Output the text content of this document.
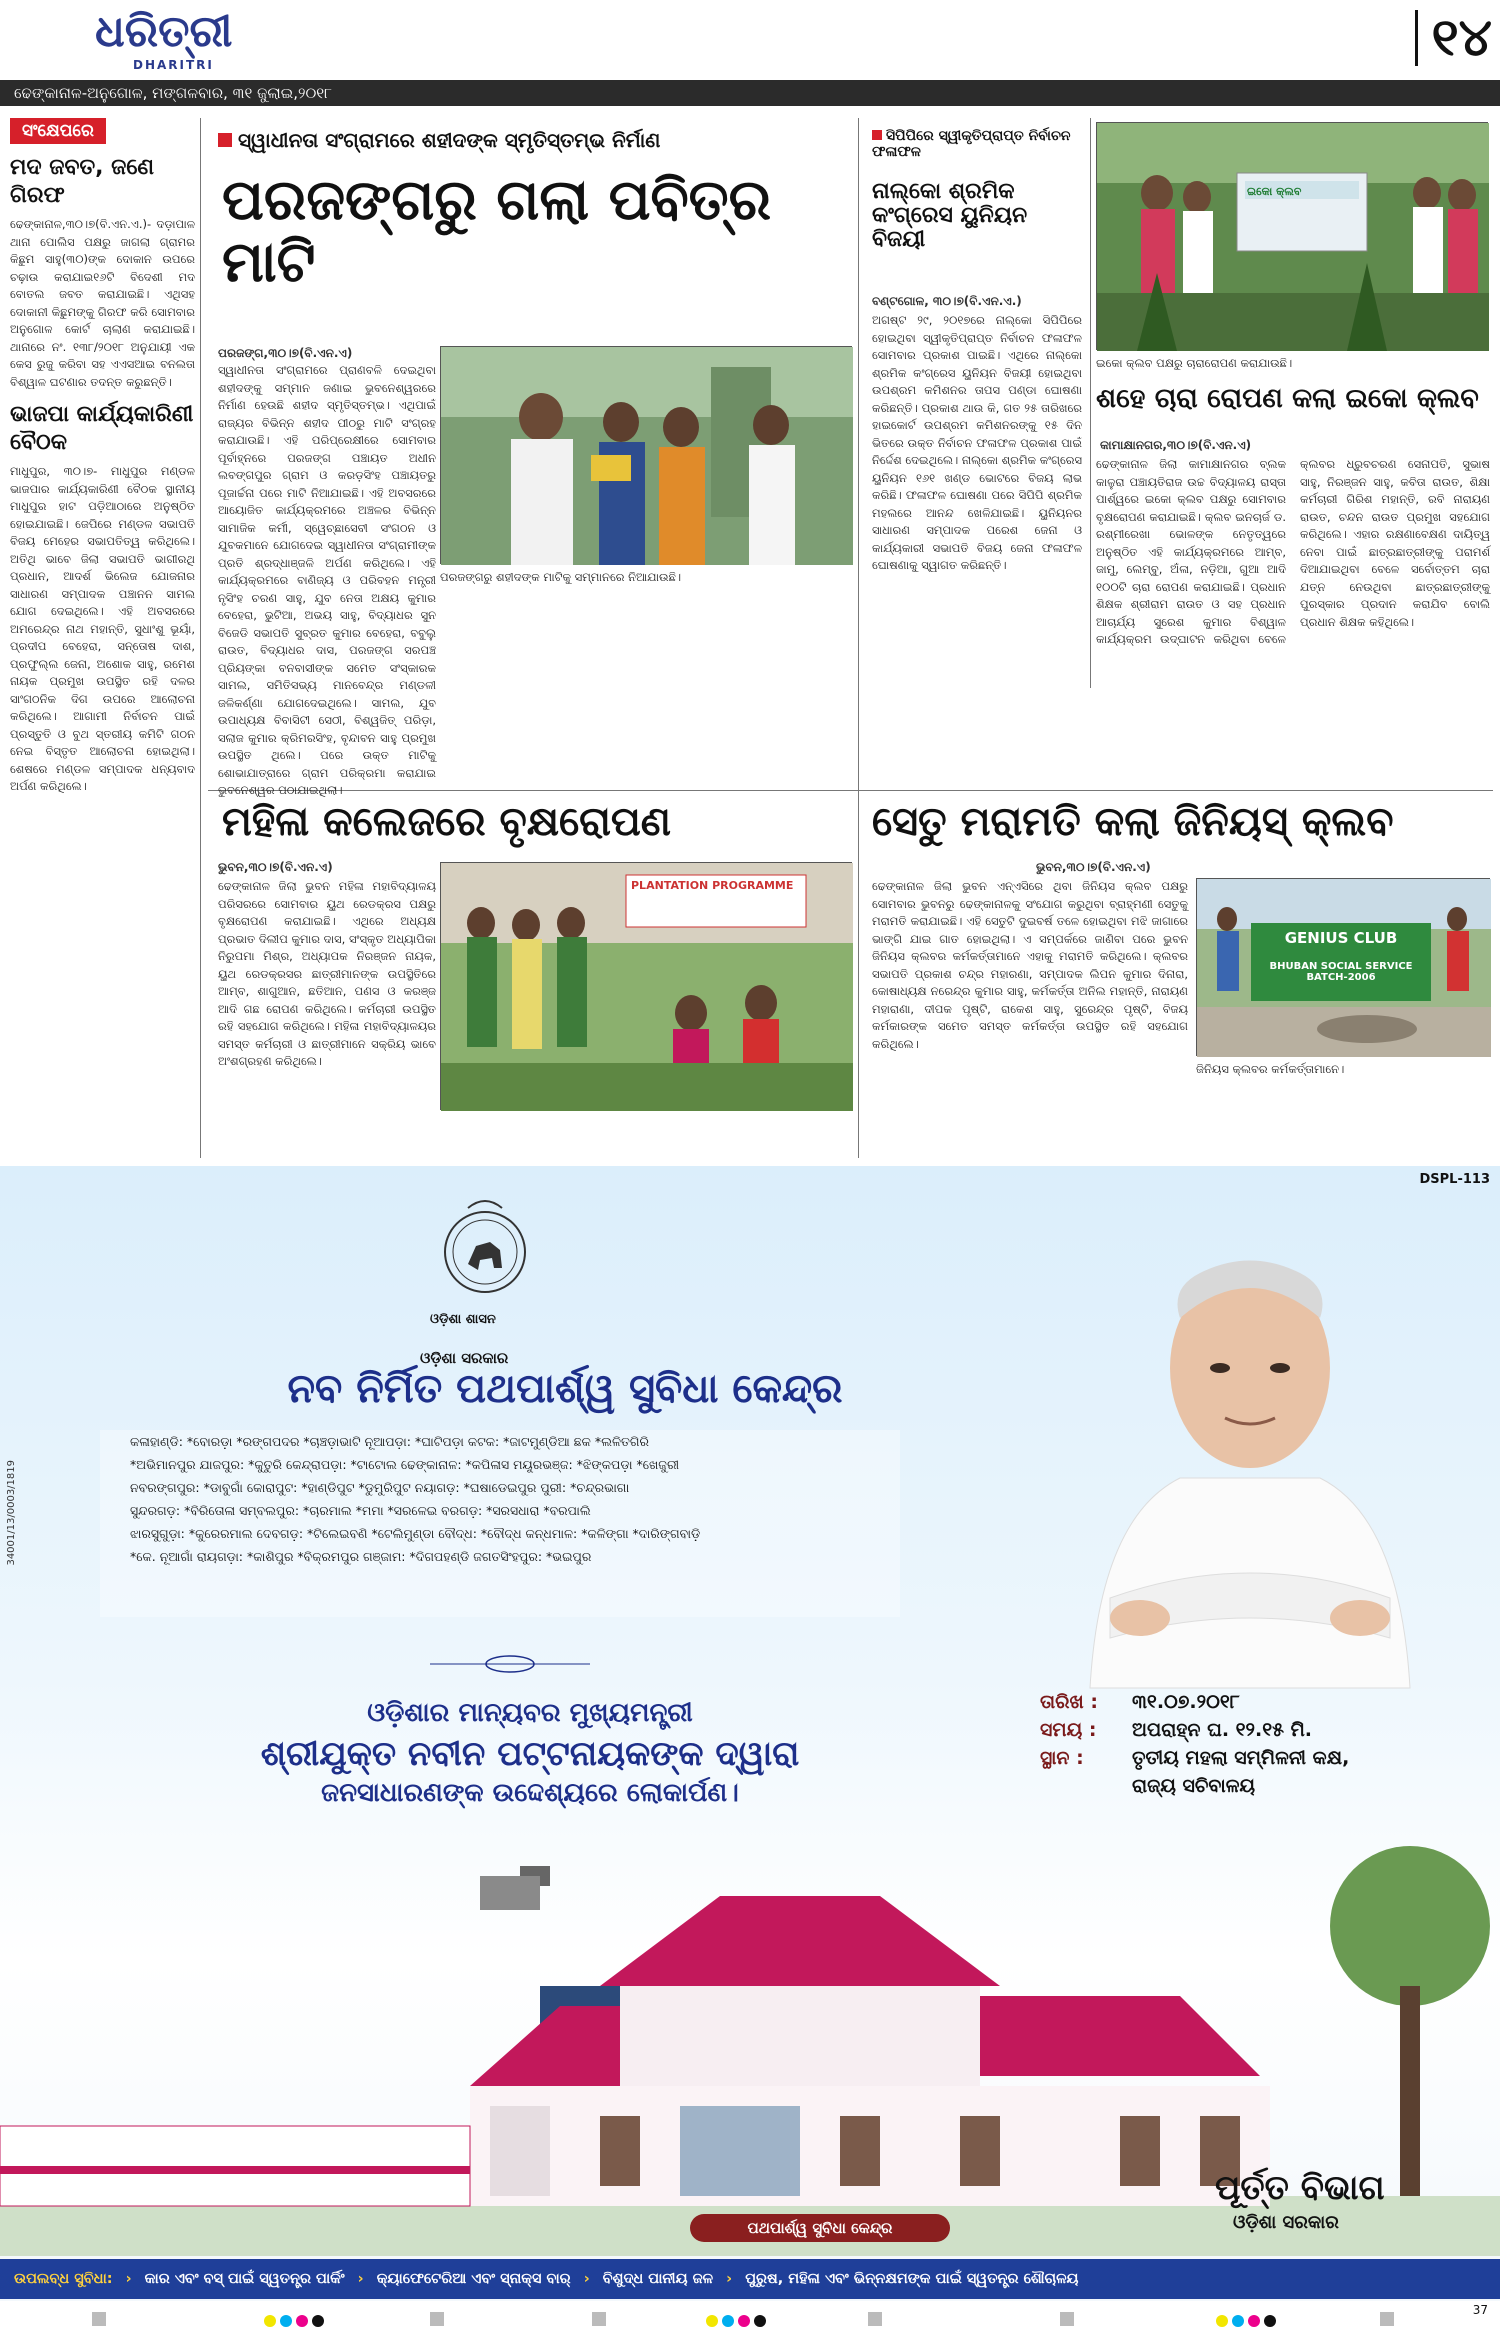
ଧରିତ୍ରୀ
DHARITRI	୧୪
ଢେଙ୍କାନାଳ-ଅନୁଗୋଳ, ମଙ୍ଗଳବାର, ୩୧ ଜୁଲାଇ,୨୦୧୮
ସଂକ୍ଷେପରେ
ମଦ ଜବତ, ଜଣେ ଗିରଫ
ଢେଙ୍କାନାଳ,୩୦।୭(ବି.ଏନ.ଏ.)- ଦଡ଼ାପାଳ ଥାନା ପୋଲିସ ପକ୍ଷରୁ ଜାଗଲା ଗ୍ରାମର କିଛୁମ ସାହୁ(୩୦)ଙ୍କ ଦୋକାନ ଉପରେ ଚଢ଼ାଉ କରାଯାଇ୧୬ଟି ବିଦେଶୀ ମଦ ବୋତଲ ଜବତ କରାଯାଇଛି। ଏଥିସହ ଦୋକାନୀ କିଛୁମଙ୍କୁ ଗିରଫ କରି ସୋମବାର ଅନୁଗୋଳ କୋର୍ଟ ଚାଲାଣ କରାଯାଇଛି। ଥାନାରେ ନଂ. ୧୩୮/୨୦୧୮ ଅନୁଯାୟୀ ଏକ କେସ ରୁଜୁ କରିବା ସହ ଏଏସଆଇ ବନଲତା ବିଶ୍ୱାଳ ଘଟଣାର ତଦନ୍ତ କରୁଛନ୍ତି।
ଭାଜପା କାର୍ଯ୍ୟକାରିଣୀ ବୈଠକ
ମାଧୁପୁର, ୩୦।୭- ମାଧୁପୁର ମଣ୍ଡଳ ଭାଜପାର କାର୍ଯ୍ୟକାରିଣୀ ବୈଠକ ସ୍ଥାନୀୟ ମାଧୁପୁର ହାଟ ପଡ଼ିଆଠାରେ ଅନୁଷ୍ଠିତ ହୋଇଯାଇଛି। ଜେପିରେ ମଣ୍ଡଳ ସଭାପତି ବିଜୟ ମେହେର ସଭାପତିତ୍ୱ କରିଥିଲେ। ଅତିଥି ଭାବେ ଜିଲା ସଭାପତି ଭାଗୀରଥି ପ୍ରଧାନ, ଆଦର୍ଶ ଭିଲେଜ ଯୋଜନାର ସାଧାରଣ ସମ୍ପାଦକ ପଞ୍ଚାନନ ସାମଲ ଯୋଗ ଦେଇଥିଲେ। ଏହି ଅବସରରେ ଅମରେନ୍ଦ୍ର ନାଥ ମହାନ୍ତି, ସୁଧାଂଶୁ ଭୂୟାଁ, ପ୍ରଦୀପ ବେହେରା, ସନ୍ତୋଷ ଦାଶ, ପ୍ରଫୁଲ୍ଲ ଜେନା, ଅଶୋକ ସାହୁ, ରମେଶ ନାୟକ ପ୍ରମୁଖ ଉପସ୍ଥିତ ରହି ଦଳର ସାଂଗଠନିକ ଦିଗ ଉପରେ ଆଲୋଚନା କରିଥିଲେ। ଆଗାମୀ ନିର୍ବାଚନ ପାଇଁ ପ୍ରସ୍ତୁତି ଓ ବୁଥ ସ୍ତରୀୟ କମିଟି ଗଠନ ନେଇ ବିସ୍ତୃତ ଆଲୋଚନା ହୋଇଥିଲା। ଶେଷରେ ମଣ୍ଡଳ ସମ୍ପାଦକ ଧନ୍ୟବାଦ ଅର୍ପଣ କରିଥିଲେ।
ସ୍ୱାଧୀନତା ସଂଗ୍ରାମରେ ଶହୀଦଙ୍କ ସ୍ମୃତିସ୍ତମ୍ଭ ନିର୍ମାଣ
ପରଜଙ୍ଗରୁ ଗଲା ପବିତ୍ର ମାଟି
ପରଜଙ୍ଗ,୩୦।୭(ବି.ଏନ.ଏ)
ସ୍ୱାଧୀନତା ସଂଗ୍ରାମରେ ପ୍ରାଣବଳି ଦେଇଥିବା ଶହୀଦଙ୍କୁ ସମ୍ମାନ ଜଣାଇ ଭୁବନେଶ୍ୱରରେ ନିର୍ମାଣ ହେଉଛି ଶହୀଦ ସ୍ମୃତିସ୍ତମ୍ଭ। ଏଥିପାଇଁ ରାଜ୍ୟର ବିଭିନ୍ନ ଶହୀଦ ପୀଠରୁ ମାଟି ସଂଗ୍ରହ କରାଯାଉଛି। ଏହି ପରିପ୍ରେକ୍ଷୀରେ ସୋମବାର ପୂର୍ବାହ୍ନରେ ପରଜଙ୍ଗ ପଞ୍ଚାୟତ ଅଧୀନ ଲବଙ୍ଗପୁର ଗ୍ରାମ ଓ କରଡ଼ସିଂହ ପଞ୍ଚାୟତରୁ ପୂଜାର୍ଚ୍ଚନା ପରେ ମାଟି ନିଆଯାଇଛି। ଏହି ଅବସରରେ ଆୟୋଜିତ କାର୍ଯ୍ୟକ୍ରମରେ ଅଞ୍ଚଳର ବିଭିନ୍ନ ସାମାଜିକ କର୍ମୀ, ସ୍ୱେଚ୍ଛାସେବୀ ସଂଗଠନ ଓ ଯୁବକମାନେ ଯୋଗଦେଇ ସ୍ୱାଧୀନତା ସଂଗ୍ରାମୀଙ୍କ ପ୍ରତି ଶ୍ରଦ୍ଧାଞ୍ଜଳି ଅର୍ପଣ କରିଥିଲେ। ଏହି କାର୍ଯ୍ୟକ୍ରମରେ ବାଣିଜ୍ୟ ଓ ପରିବହନ ମନ୍ତ୍ରୀ ନୃସିଂହ ଚରଣ ସାହୁ, ଯୁବ ନେତା ଅକ୍ଷୟ କୁମାର ବେହେରା, ଭୁଟିଆ, ଅଭୟ ସାହୁ, ବିଦ୍ୟାଧର ସୁନ ବିଜେଡି ସଭାପତି ସୁବ୍ରତ କୁମାର ବେହେରା, ବବୁଲୁ ରାଉତ, ବିଦ୍ୟାଧର ଦାସ, ପରଜଙ୍ଗ ସରପଞ୍ଚ ପ୍ରିୟଙ୍କା ବନବାସୀଙ୍କ ସମେତ ସଂସ୍କାରକ ସାମଲ, ସମିତିସଭ୍ୟ ମାନବେନ୍ଦ୍ର ମଣ୍ଡଳୀ ଜଳିକର୍ଣ୍ଣା ଯୋଗଦେଇଥିଲେ। ସାମଲ, ଯୁବ ଉପାଧ୍ୟକ୍ଷ ବିବାସିଟୀ ସେଠୀ, ବିଶ୍ୱଜିତ୍ ପରିଡ଼ା, ସଲାଜ କୁମାର କ୍ରିମରସିଂହ, ବୃନ୍ଦାବନ ସାହୁ ପ୍ରମୁଖ ଉପସ୍ଥିତ ଥିଲେ। ପରେ ଉକ୍ତ ମାଟିକୁ ଶୋଭାଯାତ୍ରାରେ ଗ୍ରାମ ପରିକ୍ରମା କରାଯାଇ ଭୁବନେଶ୍ୱର ପଠାଯାଇଥିଲା।
ପରଜଙ୍ଗରୁ ଶହୀଦଙ୍କ ମାଟିକୁ ସମ୍ମାନରେ ନିଆଯାଉଛି।
ସିପିପିରେ ସ୍ୱୀକୃତିପ୍ରାପ୍ତ ନିର୍ବାଚନ ଫଳାଫଳ
ନାଲ୍କୋ ଶ୍ରମିକ କଂଗ୍ରେସ ୟୁନିୟନ ବିଜୟୀ
ବଣ୍ଟଗୋଳ, ୩୦।୭(ବି.ଏନ.ଏ.)
ଅଗଷ୍ଟ ୨୯, ୨୦୧୭ରେ ନାଲ୍କୋ ସିପିପିରେ ହୋଇଥିବା ସ୍ୱୀକୃତିପ୍ରାପ୍ତ ନିର୍ବାଚନ ଫଳାଫଳ ସୋମବାର ପ୍ରକାଶ ପାଇଛି। ଏଥିରେ ନାଲ୍କୋ ଶ୍ରମିକ କଂଗ୍ରେସ ୟୁନିୟନ ବିଜୟୀ ହୋଇଥିବା ଉପଶ୍ରମ କମିଶନର ତାପସ ପଣ୍ଡା ଘୋଷଣା କରିଛନ୍ତି। ପ୍ରକାଶ ଥାଉ କି, ଗତ ୨୫ ତାରିଖରେ ହାଇକୋର୍ଟ ଉପଶ୍ରମ କମିଶନରଙ୍କୁ ୧୫ ଦିନ ଭିତରେ ଉକ୍ତ ନିର୍ବାଚନ ଫଳାଫଳ ପ୍ରକାଶ ପାଇଁ ନିର୍ଦ୍ଦେଶ ଦେଇଥିଲେ। ନାଲ୍କୋ ଶ୍ରମିକ କଂଗ୍ରେସ ୟୁନିୟନ ୧୬୧ ଖଣ୍ଡ ଭୋଟରେ ବିଜୟ ଲାଭ କରିଛି। ଫଳାଫଳ ଘୋଷଣା ପରେ ସିପିପି ଶ୍ରମିକ ମହଲରେ ଆନନ୍ଦ ଖେଳିଯାଇଛି। ୟୁନିୟନର ସାଧାରଣ ସମ୍ପାଦକ ପରେଶ ଜେନା ଓ କାର୍ଯ୍ୟକାରୀ ସଭାପତି ବିଜୟ ଜେନା ଫଳାଫଳ ଘୋଷଣାକୁ ସ୍ୱାଗତ କରିଛନ୍ତି।
ଇକୋ କ୍ଲବ
ଇକୋ କ୍ଲବ ପକ୍ଷରୁ ଚାରାରୋପଣ କରାଯାଉଛି।
ଶହେ ଚାରା ରୋପଣ କଲା ଇକୋ କ୍ଲବ
କାମାକ୍ଷାନଗର,୩୦।୭(ବି.ଏନ.ଏ)
ଢେଙ୍କାନାଳ ଜିଲା କାମାକ୍ଷାନଗର ବ୍ଲକ କାଳୁରା ପଞ୍ଚାୟତିରାଜ ଉଚ୍ଚ ବିଦ୍ୟାଳୟ ରାସ୍ତା ପାର୍ଶ୍ୱରେ ଇକୋ କ୍ଲବ ପକ୍ଷରୁ ସୋମବାର ବୃକ୍ଷରୋପଣ କରାଯାଇଛି। କ୍ଲବ ଇନଚାର୍ଜ ଡ. ରଶ୍ମୀରେଖା ଭୋଳଙ୍କ ନେତୃତ୍ୱରେ ଅନୁଷ୍ଠିତ ଏହି କାର୍ଯ୍ୟକ୍ରମରେ ଆମ୍ବ, ଜାମୁ, ଲେମ୍ବୁ, ଅଁଳା, ନଡ଼ିଆ, ଗୁଆ ଆଦି ୧୦୦ଟି ଚାରା ରୋପଣ କରାଯାଇଛି। ପ୍ରଧାନ ଶିକ୍ଷକ ଶ୍ରୀରାମ ରାଉତ ଓ ସହ ପ୍ରଧାନ ଆଚାର୍ଯ୍ୟ ସୁରେଶ କୁମାର ବିଶ୍ୱାଳ କାର୍ଯ୍ୟକ୍ରମ ଉଦ୍‌ଘାଟନ କରିଥିବା ବେଳେ କ୍ଲବର ଧ୍ରୁବଚରଣ ସେନାପତି, ସୁଭାଷ ସାହୁ, ନିରଞ୍ଜନ ସାହୁ, କବିତା ରାଉତ, ଶିକ୍ଷା କର୍ମଚାରୀ ଗିରିଶ ମହାନ୍ତି, ରବି ନାରାୟଣ ରାଉତ, ଚନ୍ଦନ ରାଉତ ପ୍ରମୁଖ ସହଯୋଗ କରିଥିଲେ। ଏହାର ରକ୍ଷଣାବେକ୍ଷଣ ଦାୟିତ୍ୱ ନେବା ପାଇଁ ଛାତ୍ରଛାତ୍ରୀଙ୍କୁ ପରାମର୍ଶ ଦିଆଯାଇଥିବା ବେଳେ ସର୍ବୋତ୍ତମ ଚାରା ଯତ୍ନ ନେଉଥିବା ଛାତ୍ରଛାତ୍ରୀଙ୍କୁ ପୁରସ୍କାର ପ୍ରଦାନ କରାଯିବ ବୋଲି ପ୍ରଧାନ ଶିକ୍ଷକ କହିଥିଲେ।
ମହିଳା କଲେଜରେ ବୃକ୍ଷରୋପଣ
ଭୁବନ,୩୦।୭(ବି.ଏନ.ଏ)
ଢେଙ୍କାନାଳ ଜିଲା ଭୁବନ ମହିଳା ମହାବିଦ୍ୟାଳୟ ପରିସରରେ ସୋମବାର ୟୁଥ ରେଡକ୍ରସ ପକ୍ଷରୁ ବୃକ୍ଷରୋପଣ କରାଯାଇଛି। ଏଥିରେ ଅଧ୍ୟକ୍ଷ ପ୍ରଭାତ ଦିଲୀପ କୁମାର ଦାସ, ସଂସ୍କୃତ ଅଧ୍ୟାପିକା ନିରୁପମା ମିଶ୍ର, ଅଧ୍ୟାପକ ନିରଞ୍ଜନ ନାୟକ, ୟୁଥ ରେଡକ୍ରସର ଛାତ୍ରୀମାନଙ୍କ ଉପସ୍ଥିତିରେ ଆମ୍ବ, ଶାଗୁଆନ, ଛତିଆନ, ପଣସ ଓ କରଞ୍ଜ ଆଦି ଗଛ ରୋପଣ କରିଥିଲେ। କର୍ମଚାରୀ ଉପସ୍ଥିତ ରହି ସହଯୋଗ କରିଥିଲେ। ମହିଳା ମହାବିଦ୍ୟାଳୟର ସମସ୍ତ କର୍ମଚାରୀ ଓ ଛାତ୍ରୀମାନେ ସକ୍ରିୟ ଭାବେ ଅଂଶଗ୍ରହଣ କରିଥିଲେ।
PLANTATION PROGRAMME
ସେତୁ ମରାମତି କଲା ଜିନିୟସ୍ କ୍ଲବ
ଭୁବନ,୩୦।୭(ବି.ଏନ.ଏ)
ଢେଙ୍କାନାଳ ଜିଲା ଭୁବନ ଏନ୍‌ଏସିରେ ଥିବା ଜିନିୟସ କ୍ଲବ ପକ୍ଷରୁ ସୋମବାର ଭୁବନରୁ ଢେଙ୍କାନାଳକୁ ସଂଯୋଗ କରୁଥିବା ବ୍ରାହ୍ମଣୀ ସେତୁକୁ ମରାମତି କରାଯାଇଛି। ଏହି ସେତୁଟି ଦୁଇବର୍ଷ ତଳେ ହୋଇଥିବା ମଝି ଜାଗାରେ ଭାଙ୍ଗି ଯାଇ ଗାତ ହୋଇଥିଲା। ଏ ସମ୍ପର୍କରେ ଜାଣିବା ପରେ ଭୁବନ ଜିନିୟସ କ୍ଲବର କର୍ମକର୍ତ୍ତାମାନେ ଏହାକୁ ମରାମତି କରିଥିଲେ। କ୍ଲବର ସଭାପତି ପ୍ରକାଶ ଚନ୍ଦ୍ର ମହାରଣା, ସମ୍ପାଦକ ଲିପନ କୁମାର ଦିନାରା, କୋଷାଧ୍ୟକ୍ଷ ନରେନ୍ଦ୍ର କୁମାର ସାହୁ, କର୍ମକର୍ତ୍ତା ଅନିଲ ମହାନ୍ତି, ନାରାୟଣ ମହାରାଣା, ଦୀପକ ପୃଷ୍ଟି, ରାକେଶ ସାହୁ, ସୁରେନ୍ଦ୍ର ପୃଷ୍ଟି, ବିଜୟ କର୍ମକାରଙ୍କ ସମେତ ସମସ୍ତ କର୍ମକର୍ତ୍ତା ଉପସ୍ଥିତ ରହି ସହଯୋଗ କରିଥିଲେ।
GENIUS CLUB
BHUBAN SOCIAL SERVICE
BATCH-2006
ଜିନିୟସ କ୍ଲବର କର୍ମକର୍ତ୍ତାମାନେ।
DSPL-113
ଓଡ଼ିଶା ଶାସନ
ଓଡ଼ିଶା ସରକାର
ନବ ନିର୍ମିତ ପଥପାର୍ଶ୍ୱ ସୁବିଧା କେନ୍ଦ୍ର
କଳାହାଣ୍ଡି: *ବୋରଡ଼ା *ରଙ୍ଗପଦର *ଚାଞ୍ଚଡ଼ାଭାଟି ନୂଆପଡ଼ା: *ଘାଟିପଡ଼ା କଟକ: *ଜାଟମୁଣ୍ଡିଆ ଛକ *ଲଳିତଗିରି
*ଅଭିମାନପୁର ଯାଜପୁର: *କୁତୁରି କେନ୍ଦ୍ରାପଡ଼ା: *ଟାଟୋଲ ଢେଙ୍କାନାଳ: *କପିଳାସ ମୟୂରଭଞ୍ଜ: *ଝିଙ୍କପଡ଼ା *ଖେଜୁରୀ
ନବରଙ୍ଗପୁର: *ଡାବୁଗାଁ କୋରାପୁଟ: *ହାଣ୍ଡିପୁଟ *ଡୁମୁରିପୁଟ ନୟାଗଡ଼: *ଘଷାଡେଇପୁର ପୁରୀ: *ଚନ୍ଦ୍ରଭାଗା
ସୁନ୍ଦରଗଡ଼: *ବିରିତୋଳା ସମ୍ବଲପୁର: *ଚାରମାଲ *ମମା *ସରଳେଇ ବରଗଡ଼: *ସରସଧାରା *ବରପାଲି
ଝାରସୁଗୁଡ଼ା: *କୁରେରମାଲ ଦେବଗଡ଼: *ଟିଲେଇବଣି *ଟେଲିମୁଣ୍ଡା ବୌଦ୍ଧ: *ବୌଦ୍ଧ କନ୍ଧମାଳ: *କଳିଙ୍ଗା *ଦାରିଙ୍ଗବାଡ଼ି
*କେ. ନୂଆଗାଁ ରାୟଗଡ଼ା: *କାଶିପୁର *ବିକ୍ରମପୁର ଗଞ୍ଜାମ: *ଦିଗପହଣ୍ଡି ଜଗତସିଂହପୁର: *ଭଇପୁର
ଓଡ଼ିଶାର ମାନ୍ୟବର ମୁଖ୍ୟମନ୍ତ୍ରୀ
ଶ୍ରୀଯୁକ୍ତ ନବୀନ ପଟ୍ଟନାୟକଙ୍କ ଦ୍ୱାରା
ଜନସାଧାରଣଙ୍କ ଉଦ୍ଦେଶ୍ୟରେ ଲୋକାର୍ପଣ।
ତାରିଖ :	୩୧.୦୭.୨୦୧୮
ସମୟ :	ଅପରାହ୍ନ ଘ. ୧୨.୧୫ ମି.
ସ୍ଥାନ :	ତୃତୀୟ ମହଲା ସମ୍ମିଳନୀ କକ୍ଷ,
ରାଜ୍ୟ ସଚିବାଳୟ
ପଥପାର୍ଶ୍ୱ ସୁବିଧା କେନ୍ଦ୍ର
ପୂର୍ତ୍ତ ବିଭାଗ
ଓଡ଼ିଶା ସରକାର
ଉପଲବ୍ଧ ସୁବିଧା: › କାର ଏବଂ ବସ୍ ପାଇଁ ସ୍ୱତନ୍ତ୍ର ପାର୍କିଂ › କ୍ୟାଫେଟେରିଆ ଏବଂ ସ୍ନାକ୍ସ ବାର୍ › ବିଶୁଦ୍ଧ ପାନୀୟ ଜଳ › ପୁରୁଷ, ମହିଳା ଏବଂ ଭିନ୍ନକ୍ଷମଙ୍କ ପାଇଁ ସ୍ୱତନ୍ତ୍ର ଶୌଚାଳୟ
34001/13/0003/1819
37
